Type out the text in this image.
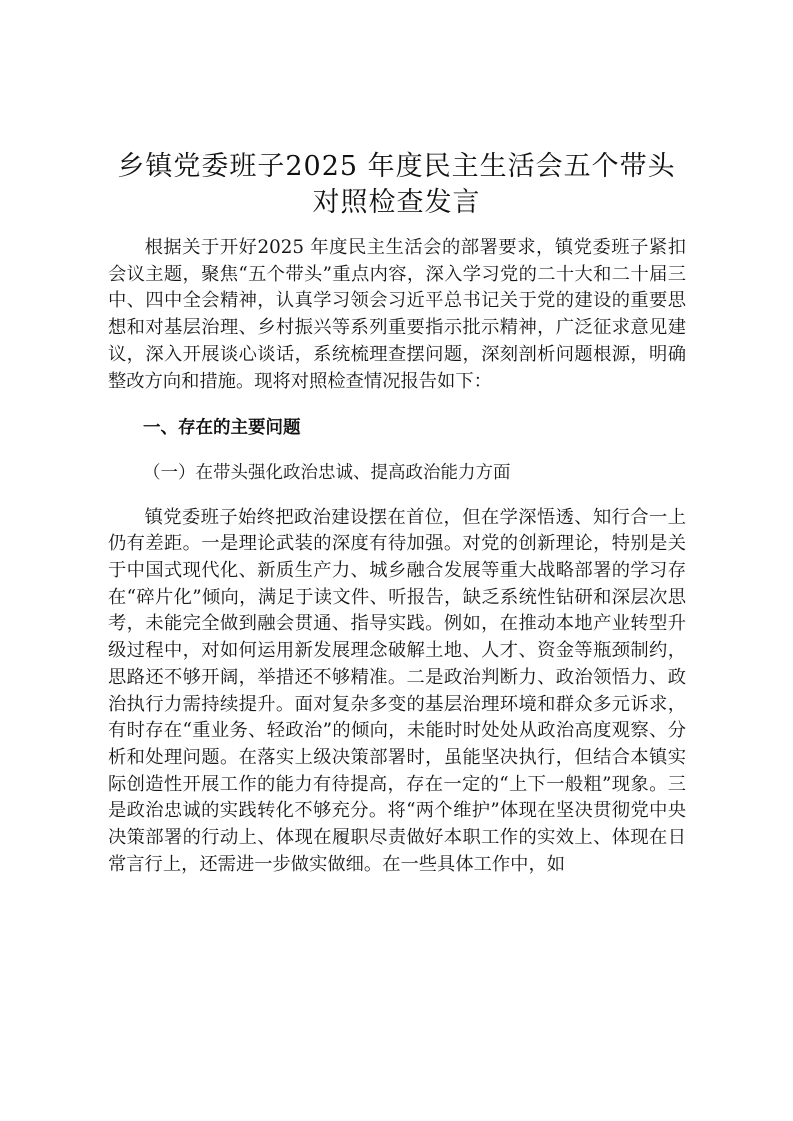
乡镇党委班子2025 年度民主生活会五个带头
对照检查发言

根据关于开好2025 年度民主生活会的部署要求，镇党委班子紧扣会议主题，聚焦“五个带头”重点内容，深入学习党的二十大和二十届三中、四中全会精神，认真学习领会习近平总书记关于党的建设的重要思想和对基层治理、乡村振兴等系列重要指示批示精神，广泛征求意见建议，深入开展谈心谈话，系统梳理查摆问题，深刻剖析问题根源，明确整改方向和措施。现将对照检查情况报告如下：

一、存在的主要问题

（一）在带头强化政治忠诚、提高政治能力方面

镇党委班子始终把政治建设摆在首位，但在学深悟透、知行合一上仍有差距。一是理论武装的深度有待加强。对党的创新理论，特别是关于中国式现代化、新质生产力、城乡融合发展等重大战略部署的学习存在“碎片化”倾向，满足于读文件、听报告，缺乏系统性钻研和深层次思考，未能完全做到融会贯通、指导实践。例如，在推动本地产业转型升级过程中，对如何运用新发展理念破解土地、人才、资金等瓶颈制约，思路还不够开阔，举措还不够精准。二是政治判断力、政治领悟力、政治执行力需持续提升。面对复杂多变的基层治理环境和群众多元诉求，有时存在“重业务、轻政治”的倾向，未能时时处处从政治高度观察、分析和处理问题。在落实上级决策部署时，虽能坚决执行，但结合本镇实际创造性开展工作的能力有待提高，存在一定的“上下一般粗”现象。三是政治忠诚的实践转化不够充分。将“两个维护”体现在坚决贯彻党中央决策部署的行动上、体现在履职尽责做好本职工作的实效上、体现在日常言行上，还需进一步做实做细。在一些具体工作中，如
